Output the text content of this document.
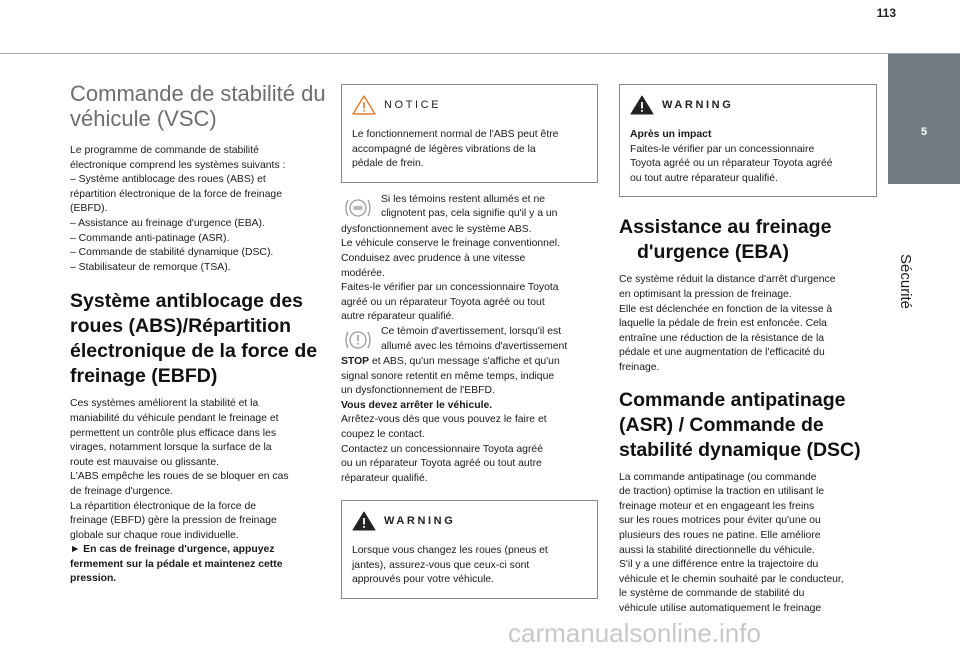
113
5
Sécurité
Commande de stabilité du
véhicule (VSC)

Le programme de commande de stabilité

électronique comprend les systèmes suivants :

– Système antiblocage des roues (ABS) et

répartition électronique de la force de freinage

(EBFD).

– Assistance au freinage d'urgence (EBA).

– Commande anti-patinage (ASR).

– Commande de stabilité dynamique (DSC).

– Stabilisateur de remorque (TSA).

Système antiblocage des
roues (ABS)/Répartition
électronique de la force de
freinage (EBFD)

Ces systèmes améliorent la stabilité et la

maniabilité du véhicule pendant le freinage et

permettent un contrôle plus efficace dans les

virages, notamment lorsque la surface de la

route est mauvaise ou glissante.

L'ABS empêche les roues de se bloquer en cas

de freinage d'urgence.

La répartition électronique de la force de

freinage (EBFD) gère la pression de freinage

globale sur chaque roue individuelle.

► En cas de freinage d'urgence, appuyez

fermement sur la pédale et maintenez cette

pression.

NOTICE

Le fonctionnement normal de l'ABS peut être

accompagné de légères vibrations de la

pédale de frein.

Si les témoins restent allumés et ne

clignotent pas, cela signifie qu'il y a un

dysfonctionnement avec le système ABS.

Le véhicule conserve le freinage conventionnel.

Conduisez avec prudence à une vitesse

modérée.

Faites-le vérifier par un concessionnaire Toyota

agréé ou un réparateur Toyota agréé ou tout

autre réparateur qualifié.

Ce témoin d'avertissement, lorsqu'il est

allumé avec les témoins d'avertissement

STOP et ABS, qu'un message s'affiche et qu'un

signal sonore retentit en même temps, indique

un dysfonctionnement de l'EBFD.

Vous devez arrêter le véhicule.

Arrêtez-vous dès que vous pouvez le faire et

coupez le contact.

Contactez un concessionnaire Toyota agréé

ou un réparateur Toyota agréé ou tout autre

réparateur qualifié.

WARNING

Lorsque vous changez les roues (pneus et

jantes), assurez-vous que ceux-ci sont

approuvés pour votre véhicule.

WARNING

Après un impact

Faites-le vérifier par un concessionnaire

Toyota agréé ou un réparateur Toyota agréé

ou tout autre réparateur qualifié.

Assistance au freinage
d'urgence (EBA)

Ce système réduit la distance d'arrêt d'urgence

en optimisant la pression de freinage.

Elle est déclenchée en fonction de la vitesse à

laquelle la pédale de frein est enfoncée. Cela

entraîne une réduction de la résistance de la

pédale et une augmentation de l'efficacité du

freinage.

Commande antipatinage
(ASR) / Commande de
stabilité dynamique (DSC)

La commande antipatinage (ou commande

de traction) optimise la traction en utilisant le

freinage moteur et en engageant les freins

sur les roues motrices pour éviter qu'une ou

plusieurs des roues ne patine. Elle améliore

aussi la stabilité directionnelle du véhicule.

S'il y a une différence entre la trajectoire du

véhicule et le chemin souhaité par le conducteur,

le système de commande de stabilité du

véhicule utilise automatiquement le freinage

carmanualsonline.info
